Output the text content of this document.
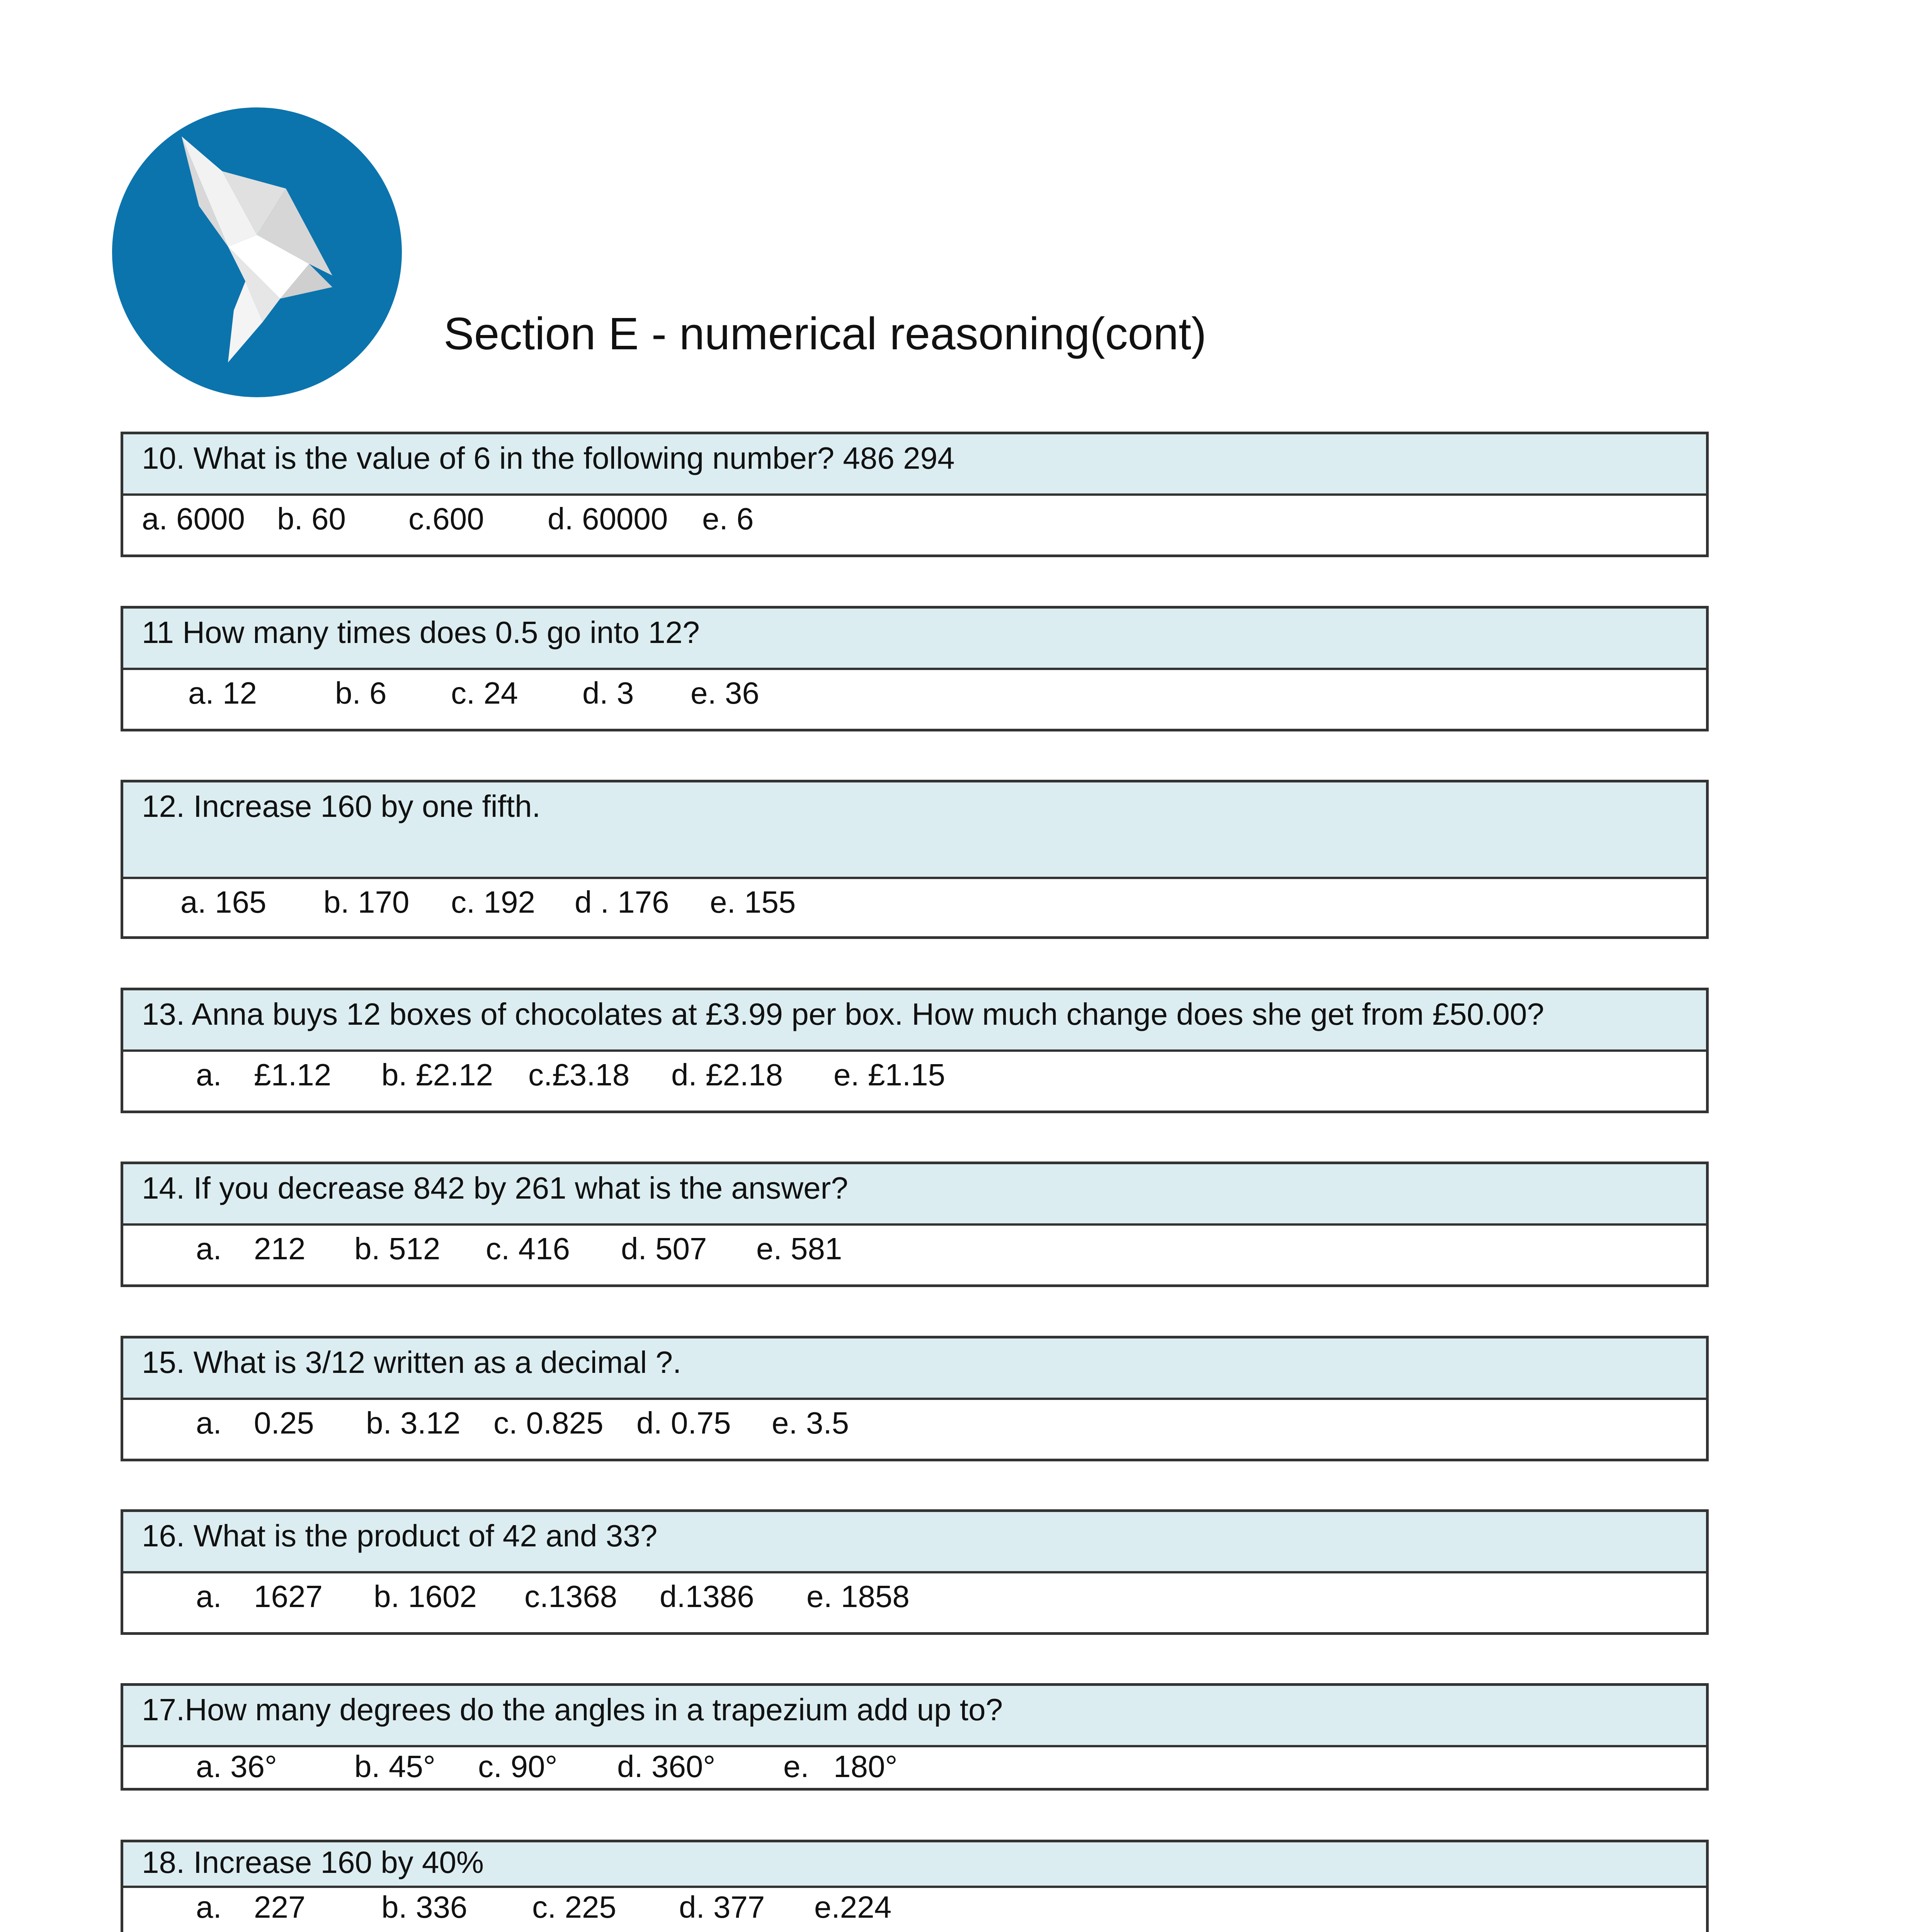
Section E - numerical reasoning(cont)
10. What is the value of 6 in the following number? 486 294
a. 6000 b. 60 c.600 d. 60000 e. 6
11 How many times does 0.5 go into 12?
a. 12	b. 6 c. 24 d. 3 e. 36
12. Increase 160 by one fifth.
a. 165 b. 170 c. 192 d . 176 e. 155
13. Anna buys 12 boxes of chocolates at £3.99 per box. How much change does she get from £50.00?
a. £1.12 b. £2.12 c.£3.18 d. £2.18 e. £1.15
14. If you decrease 842 by 261 what is the answer?
a. 212 b. 512 c. 416 d. 507 e. 581
15. What is 3/12 written as a decimal ?.
a. 0.25 b. 3.12 c. 0.825 d. 0.75 e. 3.5
16. What is the product of 42 and 33?
a. 1627 b. 1602 c.1368 d.1386 e. 1858
17.How many degrees do the angles in a trapezium add up to?
a. 36°	b. 45° c. 90° d. 360° e. 180°
18. Increase 160 by 40%
a. 227 b. 336 c. 225 d. 377 e.224
